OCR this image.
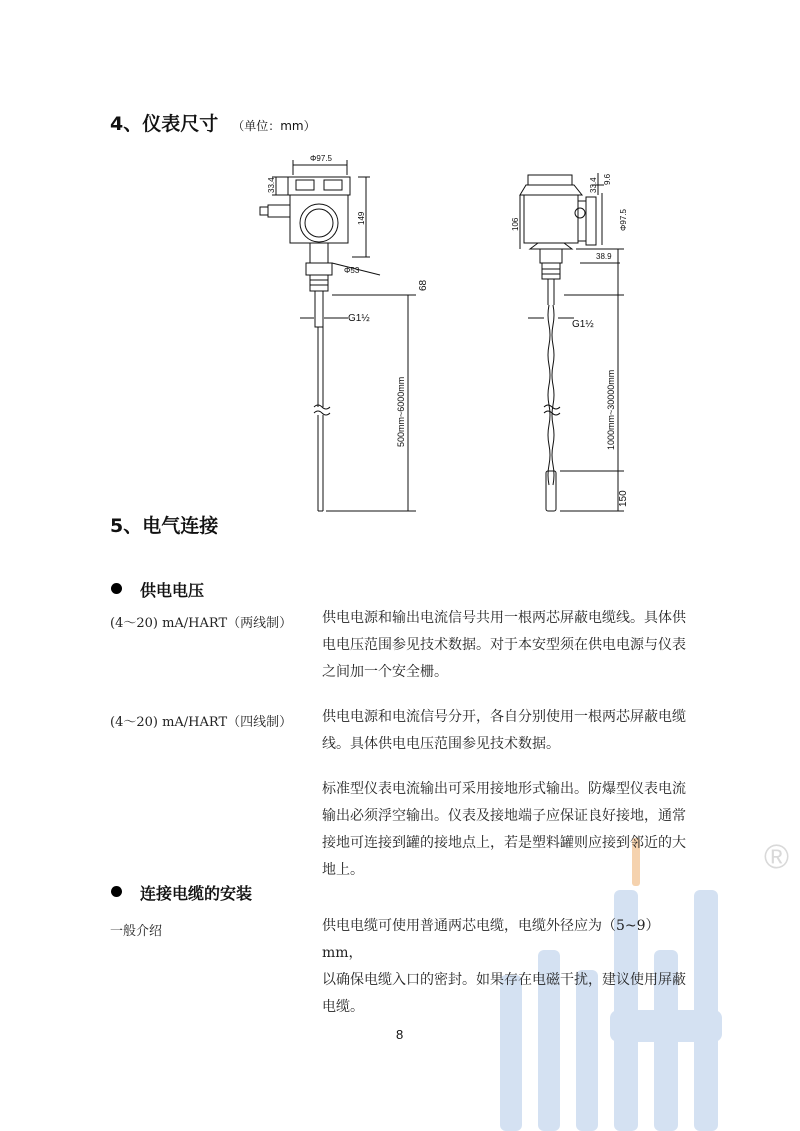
®
4、仪表尺寸 （单位：mm）
Φ97.5
33.4
149
Φ53
9.6
33.4
106	Φ97.5
38.9
G1½
G1½
68
150
500mm~6000mm	1000mm~30000mm
5、电气连接
供电电压
(4～20) mA/HART（两线制） 供电电源和输出电流信号共用一根两芯屏蔽电缆线。具体供
电电压范围参见技术数据。对于本安型须在供电电源与仪表
之间加一个安全栅。
(4～20) mA/HART（四线制） 供电电源和电流信号分开，各自分别使用一根两芯屏蔽电缆
线。具体供电电压范围参见技术数据。
标准型仪表电流输出可采用接地形式输出。防爆型仪表电流
输出必须浮空输出。仪表及接地端子应保证良好接地，通常
接地可连接到罐的接地点上，若是塑料罐则应接到邻近的大
地上。
连接电缆的安装
一般介绍	供电电缆可使用普通两芯电缆，电缆外径应为（5~9）mm，
以确保电缆入口的密封。如果存在电磁干扰，建议使用屏蔽
电缆。
8
